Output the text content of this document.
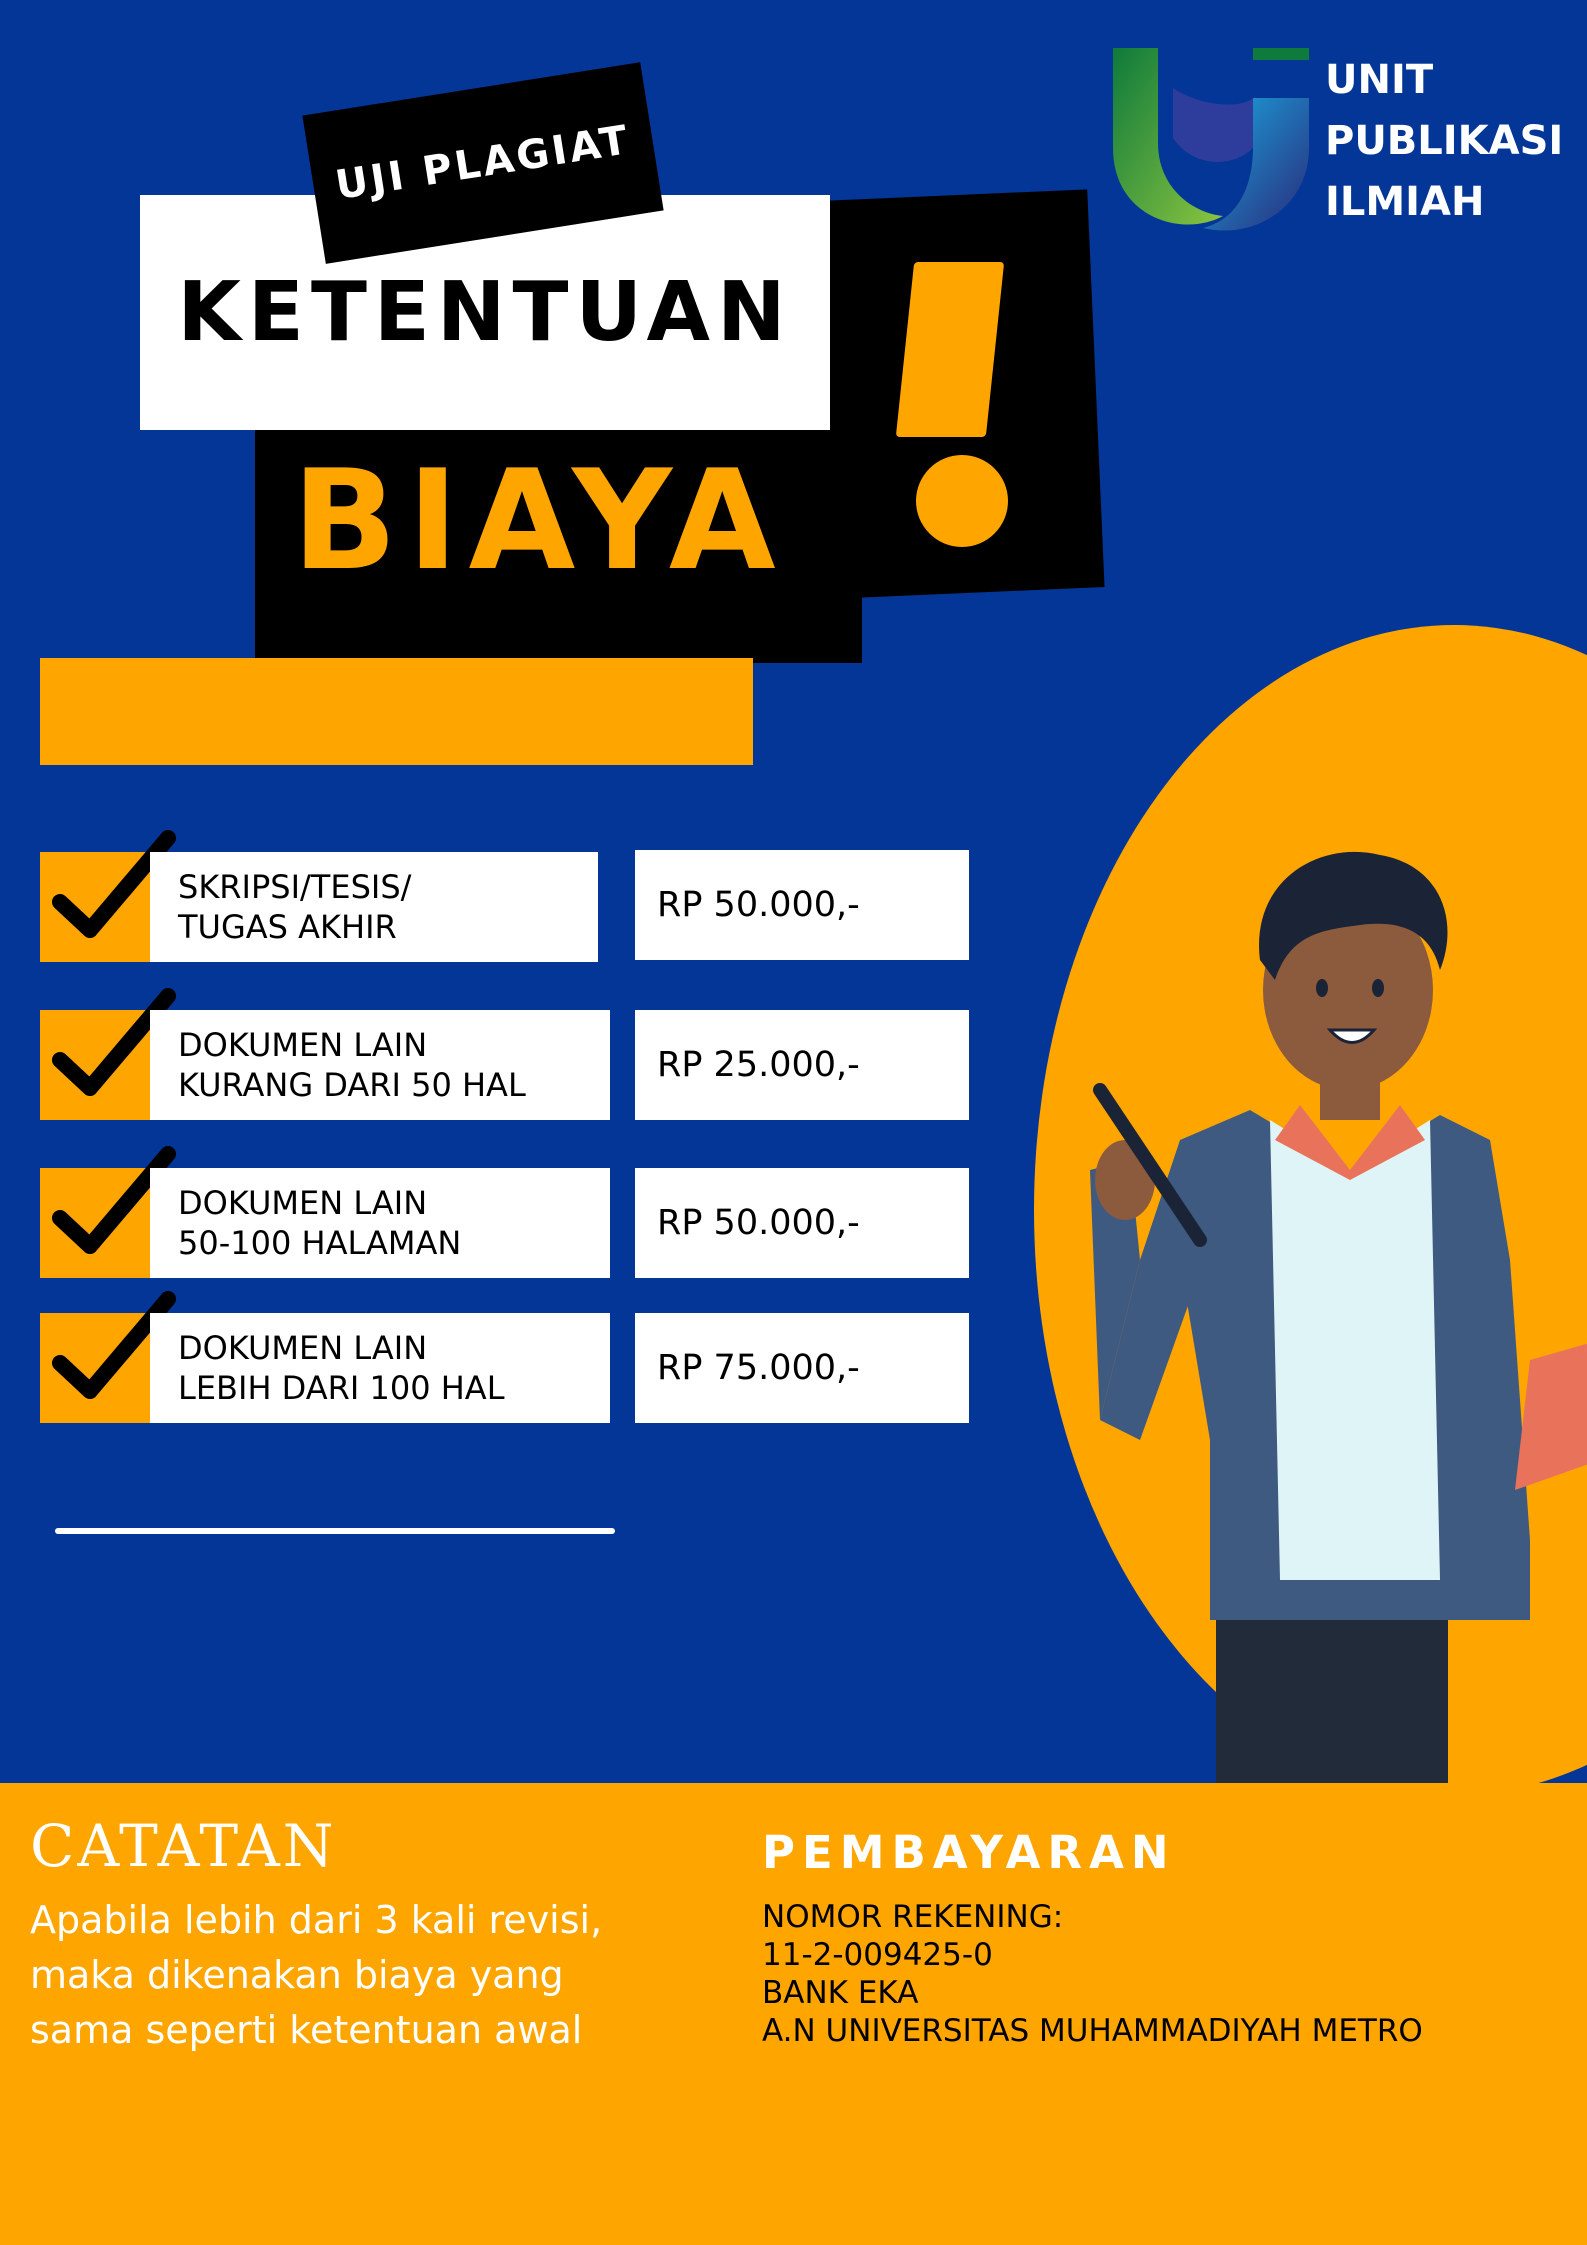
KETENTUAN
UJI PLAGIAT
BIAYA
UNIT
PUBLIKASI
ILMIAH
SKRIPSI/TESIS/
TUGAS AKHIR
RP 50.000,-
DOKUMEN LAIN
KURANG DARI 50 HAL	RP 25.000,-
DOKUMEN LAIN
50-100 HALAMAN	RP 50.000,-
DOKUMEN LAIN
LEBIH DARI 100 HAL	RP 75.000,-
CATATAN
Apabila lebih dari 3 kali revisi,
maka dikenakan biaya yang
sama seperti ketentuan awal
PEMBAYARAN
NOMOR REKENING:
11-2-009425-0
BANK EKA
A.N UNIVERSITAS MUHAMMADIYAH METRO
